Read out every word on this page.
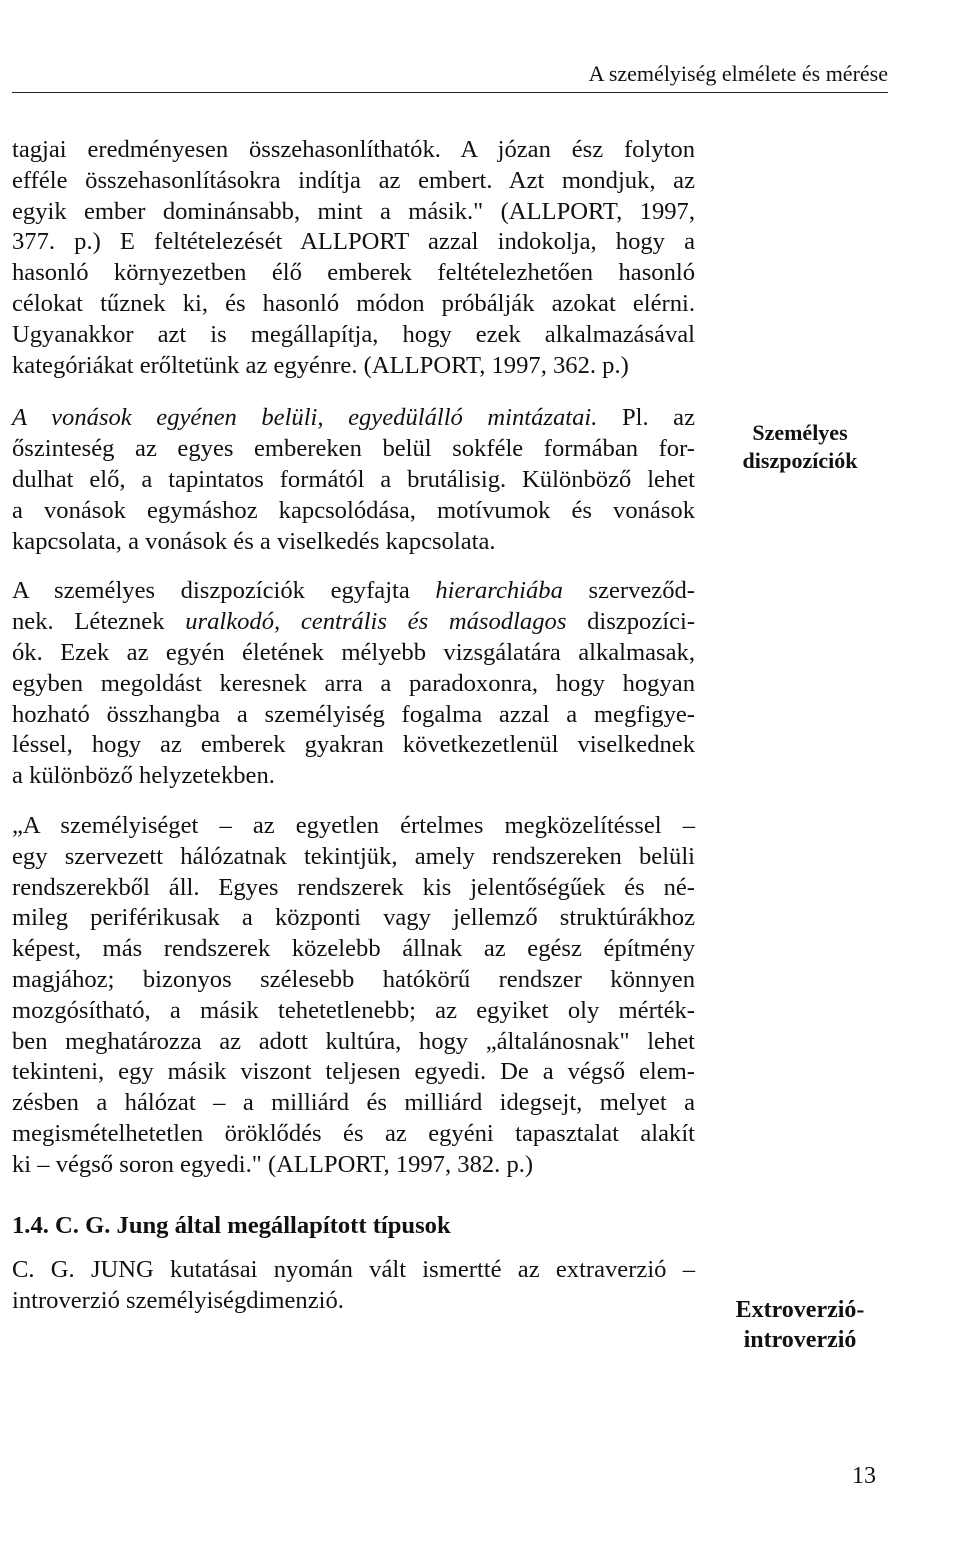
A személyiség elmélete és mérése

tagjai eredményesen összehasonlíthatók. A józan ész folyton
efféle összehasonlításokra indítja az embert. Azt mondjuk, az
egyik ember dominánsabb, mint a másik." (ALLPORT, 1997,
377. p.) E feltételezését ALLPORT azzal indokolja, hogy a
hasonló környezetben élő emberek feltételezhetően hasonló
célokat tűznek ki, és hasonló módon próbálják azokat elérni.
Ugyanakkor azt is megállapítja, hogy ezek alkalmazásával
kategóriákat erőltetünk az egyénre. (ALLPORT, 1997, 362. p.)

A vonások egyénen belüli, egyedülálló mintázatai. Pl. az
őszinteség az egyes embereken belül sokféle formában for-
dulhat elő, a tapintatos formától a brutálisig. Különböző lehet
a vonások egymáshoz kapcsolódása, motívumok és vonások
kapcsolata, a vonások és a viselkedés kapcsolata.

A személyes diszpozíciók egyfajta hierarchiába szerveződ-
nek. Léteznek uralkodó, centrális és másodlagos diszpozíci-
ók. Ezek az egyén életének mélyebb vizsgálatára alkalmasak,
egyben megoldást keresnek arra a paradoxonra, hogy hogyan
hozható összhangba a személyiség fogalma azzal a megfigye-
léssel, hogy az emberek gyakran következetlenül viselkednek
a különböző helyzetekben.

„A személyiséget – az egyetlen értelmes megközelítéssel –
egy szervezett hálózatnak tekintjük, amely rendszereken belüli
rendszerekből áll. Egyes rendszerek kis jelentőségűek és né-
mileg periférikusak a központi vagy jellemző struktúrákhoz
képest, más rendszerek közelebb állnak az egész építmény
magjához; bizonyos szélesebb hatókörű rendszer könnyen
mozgósítható, a másik tehetetlenebb; az egyiket oly mérték-
ben meghatározza az adott kultúra, hogy „általánosnak" lehet
tekinteni, egy másik viszont teljesen egyedi. De a végső elem-
zésben a hálózat – a milliárd és milliárd idegsejt, melyet a
megismételhetetlen öröklődés és az egyéni tapasztalat alakít
ki – végső soron egyedi." (ALLPORT, 1997, 382. p.)

1.4. C. G. Jung által megállapított típusok

C. G. JUNG kutatásai nyomán vált ismertté az extraverzió –
introverzió személyiségdimenzió.

Személyes
diszpozíciók
Extroverzió-
introverzió
13
